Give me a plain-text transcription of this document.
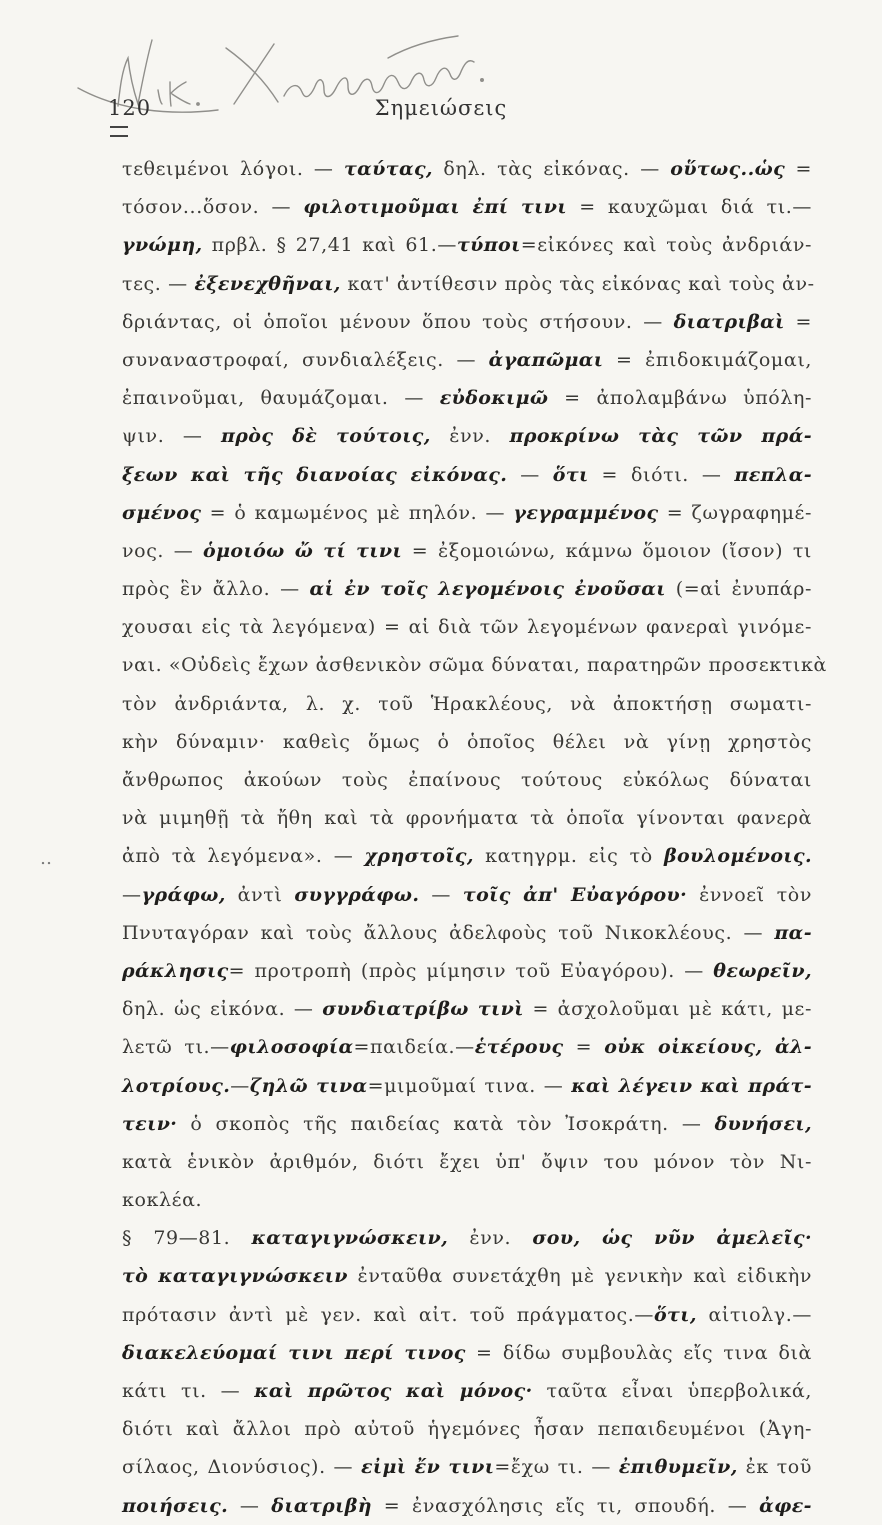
120	Σημειώσεις
‥
τεθειμένοι λόγοι. — ταύτας, δηλ. τὰς εἰκόνας. — οὕτως..ὡς =
τόσον...ὅσον. — φιλοτιμοῦμαι ἐπί τινι = καυχῶμαι διά τι.—
γνώμη, πρβλ. § 27,41 καὶ 61.—τύποι=εἰκόνες καὶ τοὺς ἀνδριάν-
τες. — ἐξενεχθῆναι, κατ' ἀντίθεσιν πρὸς τὰς εἰκόνας καὶ τοὺς ἀν-
δριάντας, οἱ ὁποῖοι μένουν ὅπου τοὺς στήσουν. — διατριβαὶ =
συναναστροφαί, συνδιαλέξεις. — ἀγαπῶμαι = ἐπιδοκιμάζομαι,
ἐπαινοῦμαι, θαυμάζομαι. — εὐδοκιμῶ = ἀπολαμβάνω ὑπόλη-
ψιν. — πρὸς δὲ τούτοις, ἐνν. προκρίνω τὰς τῶν πρά-
ξεων καὶ τῆς διανοίας εἰκόνας. — ὅτι = διότι. — πεπλα-
σμένος = ὁ καμωμένος μὲ πηλόν. — γεγραμμένος = ζωγραφημέ-
νος. — ὁμοιόω ὤ τί τινι = ἐξομοιώνω, κάμνω ὅμοιον (ἴσον) τι
πρὸς ἓν ἄλλο. — αἱ ἐν τοῖς λεγομένοις ἐνοῦσαι (=αἱ ἐνυπάρ-
χουσαι εἰς τὰ λεγόμενα) = αἱ διὰ τῶν λεγομένων φανεραὶ γινόμε-
ναι. «Οὐδεὶς ἔχων ἀσθενικὸν σῶμα δύναται, παρατηρῶν προσεκτικὰ
τὸν ἀνδριάντα, λ. χ. τοῦ Ἡρακλέους, νὰ ἀποκτήσῃ σωματι-
κὴν δύναμιν· καθεὶς ὅμως ὁ ὁποῖος θέλει νὰ γίνῃ χρηστὸς
ἄνθρωπος ἀκούων τοὺς ἐπαίνους τούτους εὐκόλως δύναται
νὰ μιμηθῇ τὰ ἤθη καὶ τὰ φρονήματα τὰ ὁποῖα γίνονται φανερὰ
ἀπὸ τὰ λεγόμενα». — χρηστοῖς, κατηγρμ. εἰς τὸ βουλομένοις.
—γράφω, ἀντὶ συγγράφω. — τοῖς ἀπ' Εὐαγόρου· ἐννοεῖ τὸν
Πνυταγόραν καὶ τοὺς ἄλλους ἀδελφοὺς τοῦ Νικοκλέους. — πα-
ράκλησις= προτροπὴ (πρὸς μίμησιν τοῦ Εὐαγόρου). — θεωρεῖν,
δηλ. ὡς εἰκόνα. — συνδιατρίβω τινὶ = ἀσχολοῦμαι μὲ κάτι, με-
λετῶ τι.—φιλοσοφία=παιδεία.—ἑτέρους = οὐκ οἰκείους, ἀλ-
λοτρίους.—ζηλῶ τινα=μιμοῦμαί τινα. — καὶ λέγειν καὶ πράτ-
τειν· ὁ σκοπὸς τῆς παιδείας κατὰ τὸν Ἰσοκράτη. — δυνήσει,
κατὰ ἑνικὸν ἀριθμόν, διότι ἔχει ὑπ' ὄψιν του μόνον τὸν Νι-
κοκλέα.
§ 79—81. καταγιγνώσκειν, ἐνν. σου, ὡς νῦν ἀμελεῖς·
τὸ καταγιγνώσκειν ἐνταῦθα συνετάχθη μὲ γενικὴν καὶ εἰδικὴν
πρότασιν ἀντὶ μὲ γεν. καὶ αἰτ. τοῦ πράγματος.—ὅτι, αἰτιολγ.—
διακελεύομαί τινι περί τινος = δίδω συμβουλὰς εἴς τινα διὰ
κάτι τι. — καὶ πρῶτος καὶ μόνος· ταῦτα εἶναι ὑπερβολικά,
διότι καὶ ἄλλοι πρὸ αὐτοῦ ἡγεμόνες ἦσαν πεπαιδευμένοι (Ἀγη-
σίλαος, Διονύσιος). — εἰμὶ ἔν τινι=ἔχω τι. — ἐπιθυμεῖν, ἐκ τοῦ
ποιήσεις. — διατριβὴ = ἐνασχόλησις εἴς τι, σπουδή. — ἀφε-
